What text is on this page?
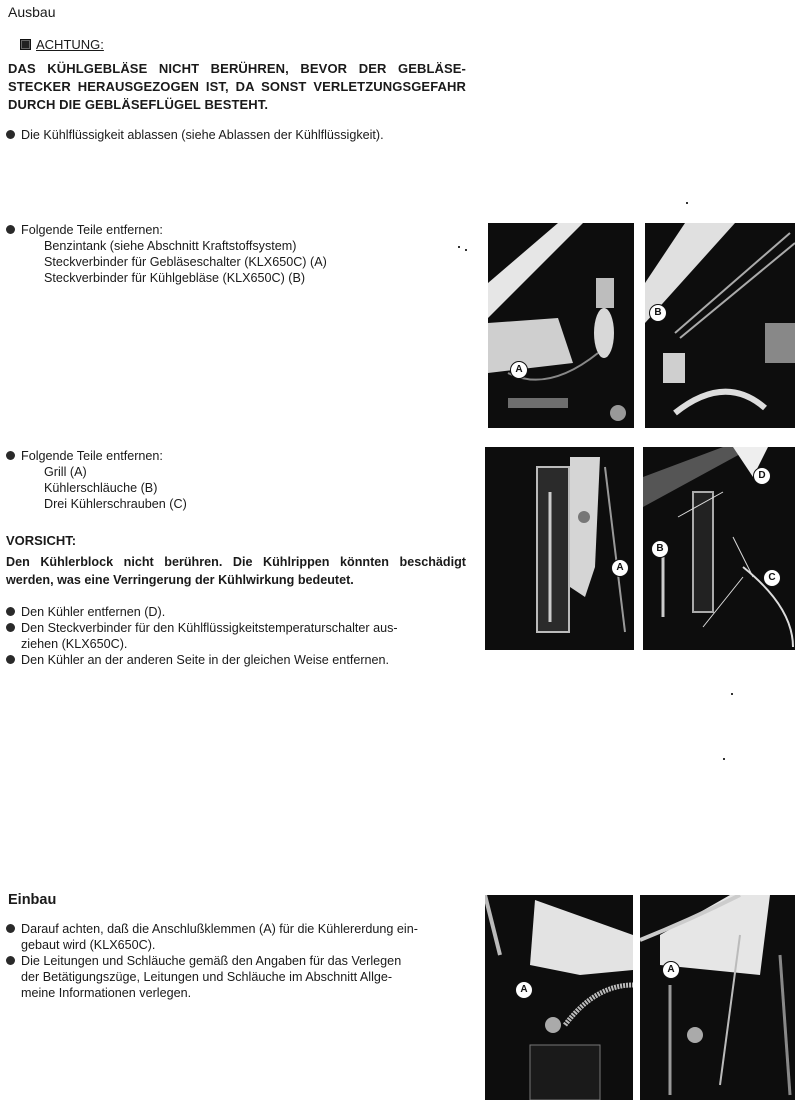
Ausbau
ACHTUNG:
DAS KÜHLGEBLÄSE NICHT BERÜHREN, BEVOR DER GEBLÄSE-
STECKER HERAUSGEZOGEN IST, DA SONST VERLETZUNGSGEFAHR
DURCH DIE GEBLÄSEFLÜGEL BESTEHT.
Die Kühlflüssigkeit ablassen (siehe Ablassen der Kühlflüssigkeit).
Folgende Teile entfernen:
Benzintank (siehe Abschnitt Kraftstoffsystem)
Steckverbinder für Gebläseschalter (KLX650C) (A)
Steckverbinder für Kühlgebläse (KLX650C) (B)
Folgende Teile entfernen:
Grill (A)
Kühlerschläuche (B)
Drei Kühlerschrauben (C)
VORSICHT:
Den Kühlerblock nicht berühren. Die Kühlrippen könnten beschädigt
werden, was eine Verringerung der Kühlwirkung bedeutet.
Den Kühler entfernen (D).
Den Steckverbinder für den Kühlflüssigkeitstemperaturschalter aus-
ziehen (KLX650C).
Den Kühler an der anderen Seite in der gleichen Weise entfernen.
Einbau
Darauf achten, daß die Anschlußklemmen (A) für die Kühlererdung ein-
gebaut wird (KLX650C).
Die Leitungen und Schläuche gemäß den Angaben für das Verlegen
der Betätigungszüge, Leitungen und Schläuche im Abschnitt Allge-
meine Informationen verlegen.
A
B
A
D
B
C
A
A
